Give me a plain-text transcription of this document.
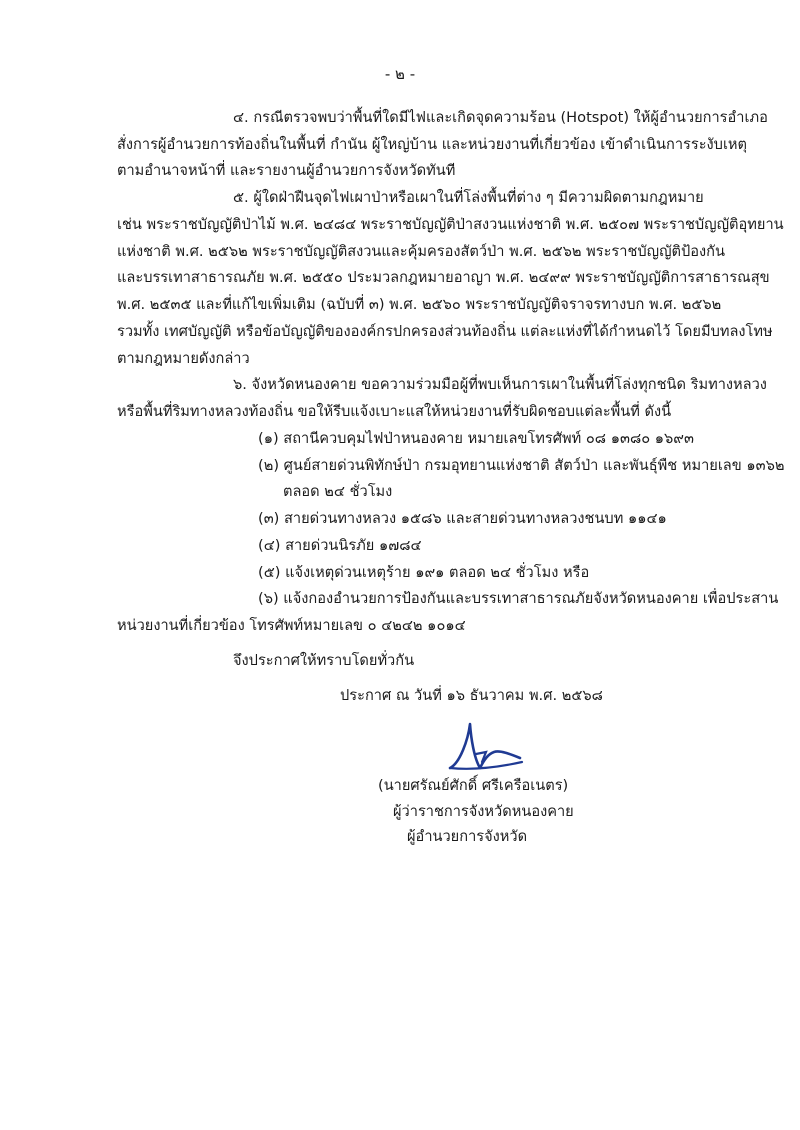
- ๒ -
๔. กรณีตรวจพบว่าพื้นที่ใดมีไฟและเกิดจุดความร้อน (Hotspot) ให้ผู้อำนวยการอำเภอ
สั่งการผู้อำนวยการท้องถิ่นในพื้นที่ กำนัน ผู้ใหญ่บ้าน และหน่วยงานที่เกี่ยวข้อง เข้าดำเนินการระงับเหตุ
ตามอำนาจหน้าที่ และรายงานผู้อำนวยการจังหวัดทันที
๕. ผู้ใดฝ่าฝืนจุดไฟเผาป่าหรือเผาในที่โล่งพื้นที่ต่าง ๆ มีความผิดตามกฎหมาย
เช่น พระราชบัญญัติป่าไม้ พ.ศ. ๒๔๘๔ พระราชบัญญัติป่าสงวนแห่งชาติ พ.ศ. ๒๕๐๗ พระราชบัญญัติอุทยาน
แห่งชาติ พ.ศ. ๒๕๖๒ พระราชบัญญัติสงวนและคุ้มครองสัตว์ป่า พ.ศ. ๒๕๖๒ พระราชบัญญัติป้องกัน
และบรรเทาสาธารณภัย พ.ศ. ๒๕๕๐ ประมวลกฎหมายอาญา พ.ศ. ๒๔๙๙ พระราชบัญญัติการสาธารณสุข
พ.ศ. ๒๕๓๕ และที่แก้ไขเพิ่มเติม (ฉบับที่ ๓) พ.ศ. ๒๕๖๐ พระราชบัญญัติจราจรทางบก พ.ศ. ๒๕๖๒
รวมทั้ง เทศบัญญัติ หรือข้อบัญญัติขององค์กรปกครองส่วนท้องถิ่น แต่ละแห่งที่ได้กำหนดไว้ โดยมีบทลงโทษ
ตามกฎหมายดังกล่าว
๖. จังหวัดหนองคาย ขอความร่วมมือผู้ที่พบเห็นการเผาในพื้นที่โล่งทุกชนิด ริมทางหลวง
หรือพื้นที่ริมทางหลวงท้องถิ่น ขอให้รีบแจ้งเบาะแสให้หน่วยงานที่รับผิดชอบแต่ละพื้นที่ ดังนี้
(๑) สถานีควบคุมไฟป่าหนองคาย หมายเลขโทรศัพท์ ๐๘ ๑๓๘๐ ๑๖๙๓
(๒) ศูนย์สายด่วนพิทักษ์ป่า กรมอุทยานแห่งชาติ สัตว์ป่า และพันธุ์พืช หมายเลข ๑๓๖๒
ตลอด ๒๔ ชั่วโมง
(๓) สายด่วนทางหลวง ๑๕๘๖ และสายด่วนทางหลวงชนบท ๑๑๔๑
(๔) สายด่วนนิรภัย ๑๗๘๔
(๕) แจ้งเหตุด่วนเหตุร้าย ๑๙๑ ตลอด ๒๔ ชั่วโมง หรือ
(๖) แจ้งกองอำนวยการป้องกันและบรรเทาสาธารณภัยจังหวัดหนองคาย เพื่อประสาน
หน่วยงานที่เกี่ยวข้อง โทรศัพท์หมายเลข ๐ ๔๒๔๒ ๑๐๑๔
จึงประกาศให้ทราบโดยทั่วกัน
ประกาศ ณ วันที่ ๑๖ ธันวาคม พ.ศ. ๒๕๖๘
(นายศรัณย์ศักดิ์ ศรีเครือเนตร)
ผู้ว่าราชการจังหวัดหนองคาย
ผู้อำนวยการจังหวัด
